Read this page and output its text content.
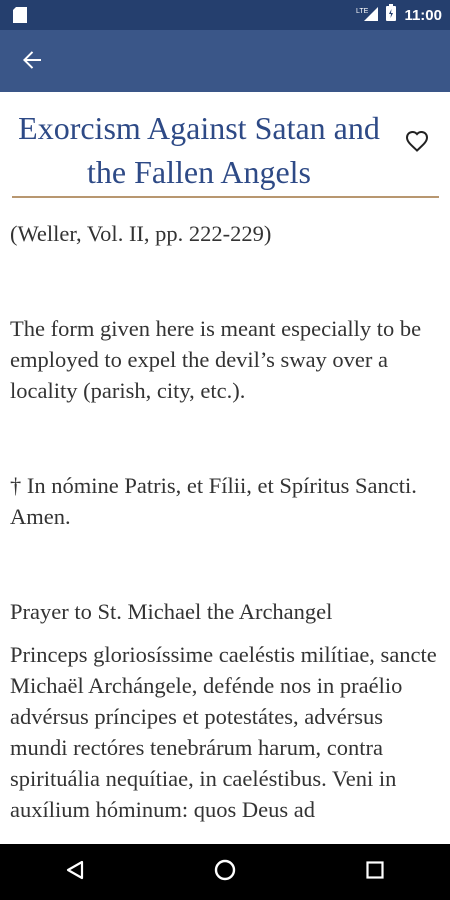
LTE 11:00
Exorcism Against Satan and the Fallen Angels

(Weller, Vol. II, pp. 222-229)

The form given here is meant especially to be employed to expel the devil’s sway over a locality (parish, city, etc.).

† In nómine Patris, et Fílii, et Spíritus Sancti. Amen.

Prayer to St. Michael the Archangel

Princeps gloriosíssime caeléstis milítiae, sancte Michaël Archángele, defénde nos in praélio advérsus príncipes et potestátes, advérsus mundi rectóres tenebrárum harum, contra spirituália nequítiae, in caeléstibus. Veni in auxílium hóminum: quos Deus ad
